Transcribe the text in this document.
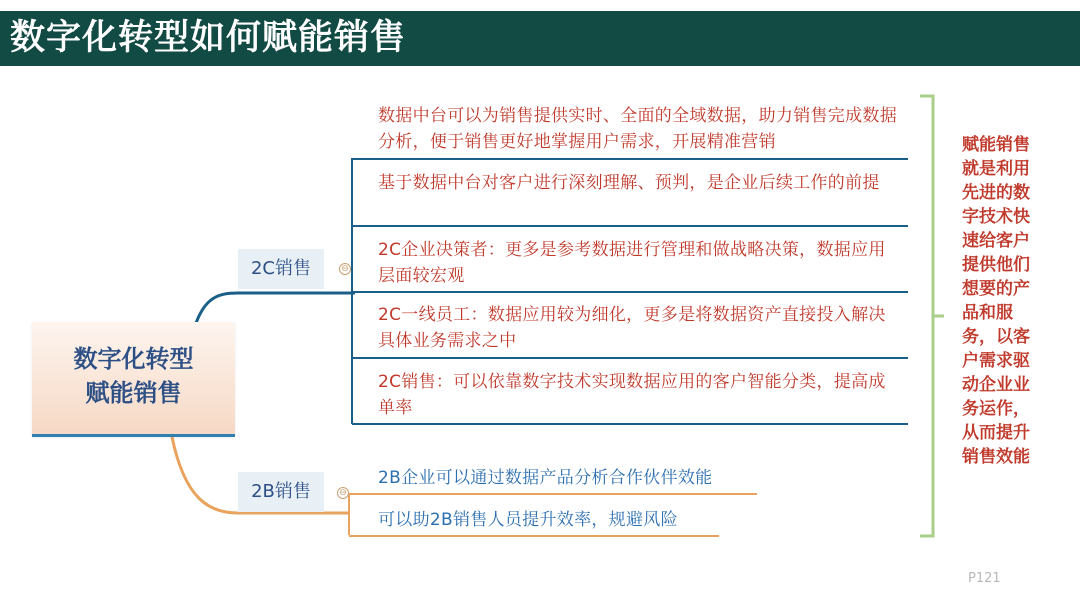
数字化转型如何赋能销售
数字化转型
赋能销售
2C销售	⊖
2B销售	⊖
数据中台可以为销售提供实时、全面的全域数据，助力销售完成数据分析，便于销售更好地掌握用户需求，开展精准营销
基于数据中台对客户进行深刻理解、预判，是企业后续工作的前提
2C企业决策者：更多是参考数据进行管理和做战略决策，数据应用层面较宏观
2C一线员工：数据应用较为细化，更多是将数据资产直接投入解决具体业务需求之中
2C销售：可以依靠数字技术实现数据应用的客户智能分类，提高成单率
2B企业可以通过数据产品分析合作伙伴效能
可以助2B销售人员提升效率，规避风险
赋能销售
就是利用
先进的数
字技术快
速给客户
提供他们
想要的产
品和服
务，以客
户需求驱
动企业业
务运作，
从而提升
销售效能
P121
